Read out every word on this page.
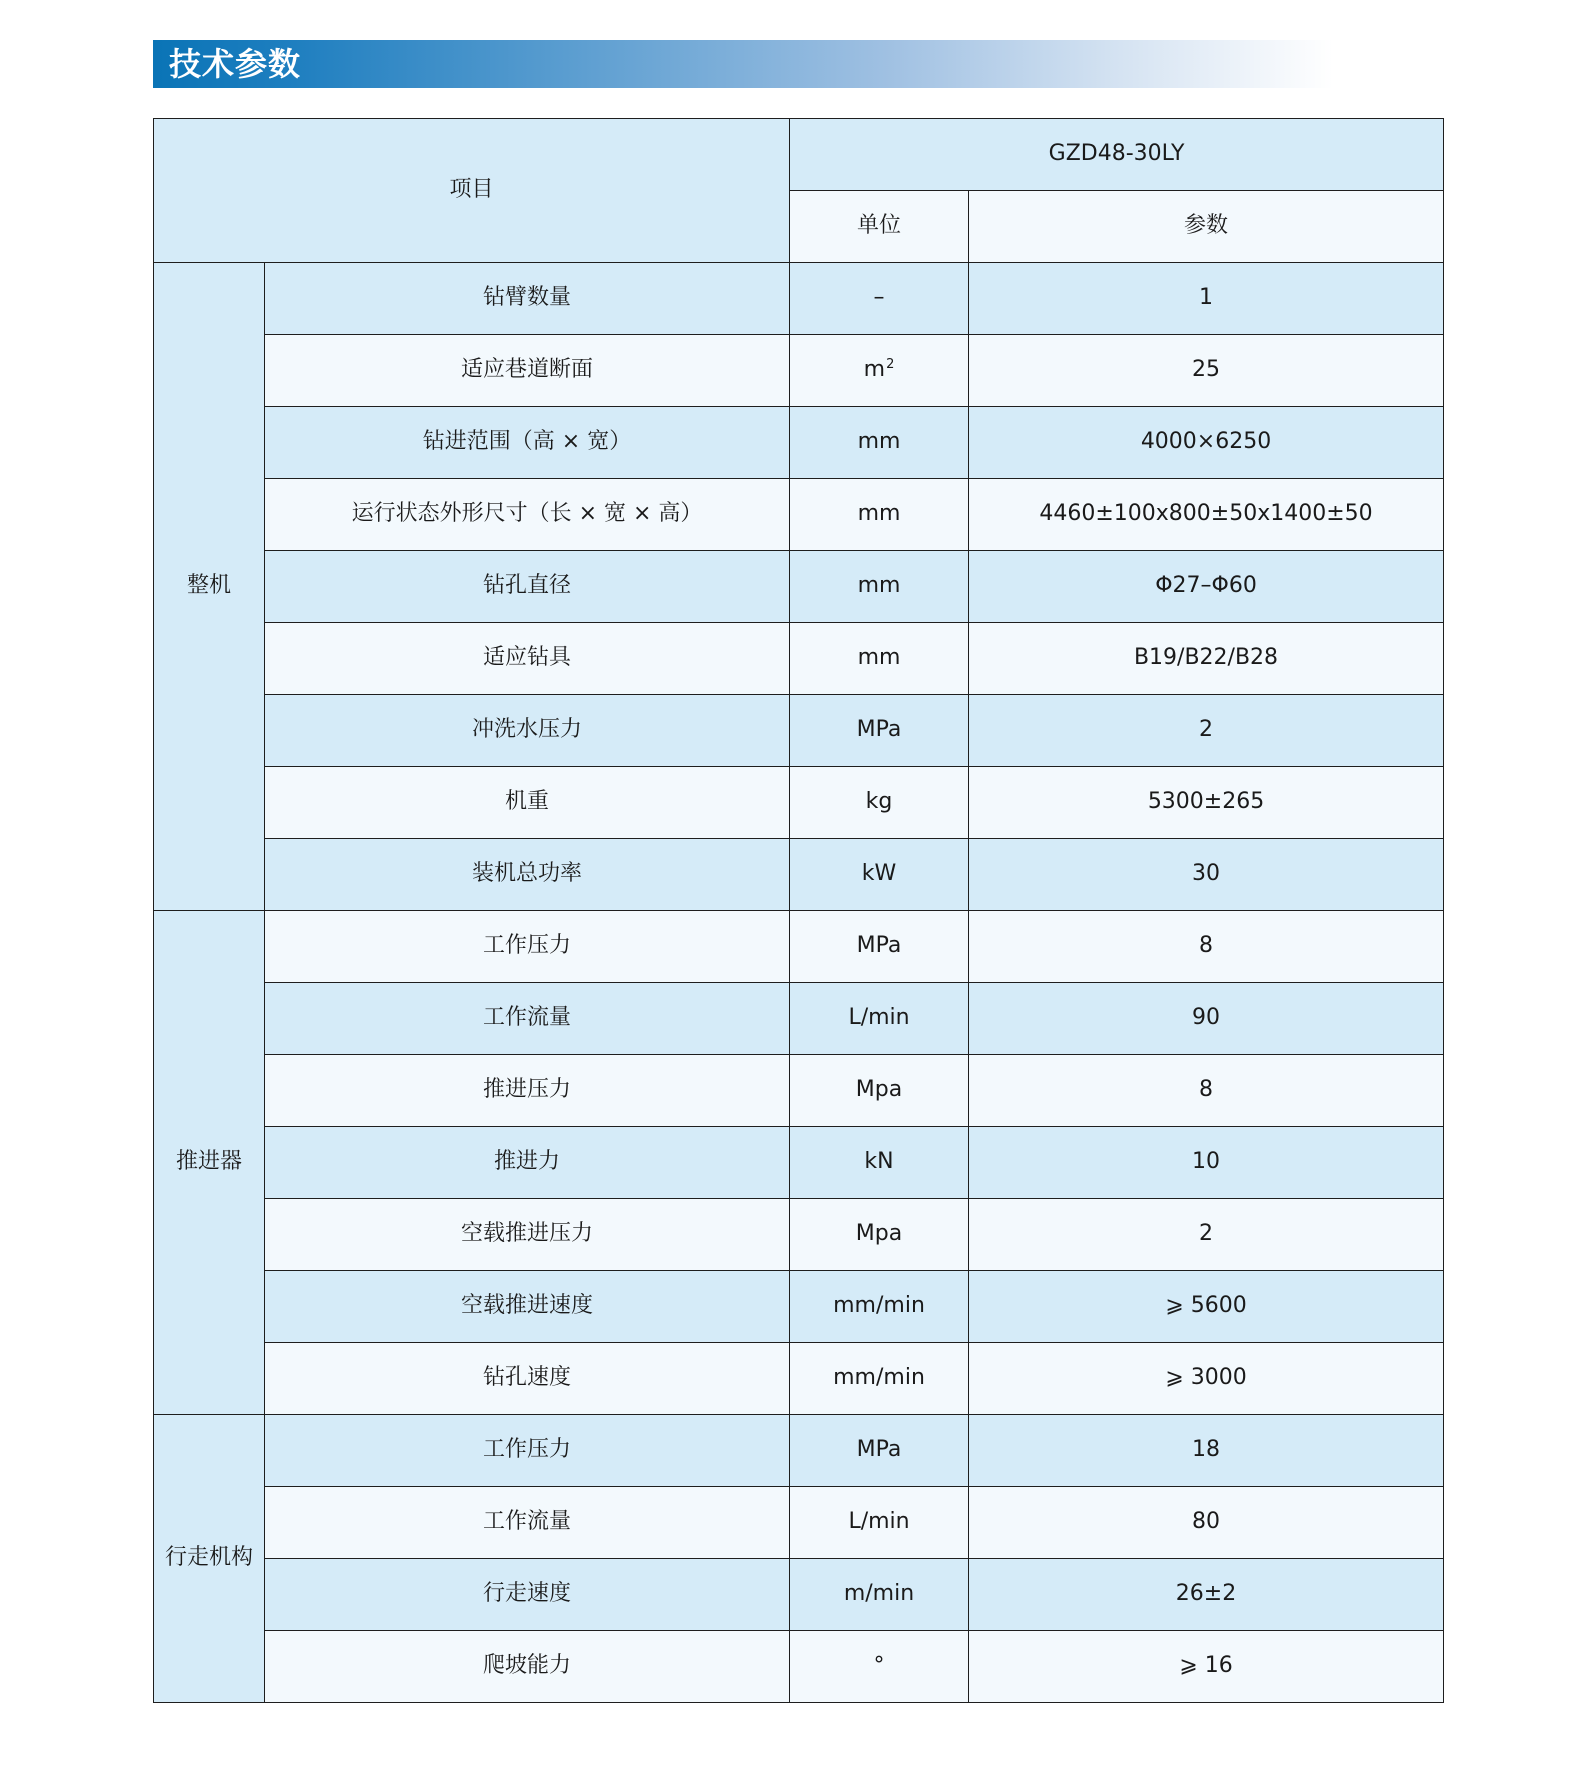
技术参数
项目		GZD48-30LY	
		单位	参数
整机	钻臂数量	–	1
	适应巷道断面	$m^2$	25
	钻进范围（高 × 宽）	mm	4000×6250
	运行状态外形尺寸（长 × 宽 × 高）	mm	4460±100x800±50x1400±50
	钻孔直径	mm	Φ27–Φ60
	适应钻具	mm	B19/B22/B28
	冲洗水压力	MPa	2
	机重	kg	5300±265
	装机总功率	kW	30
推进器	工作压力	MPa	8
	工作流量	L/min	90
	推进压力	Mpa	8
	推进力	kN	10
	空载推进压力	Mpa	2
	空载推进速度	mm/min	⩾ 5600
	钻孔速度	mm/min	⩾ 3000
行走机构	工作压力	MPa	18
	工作流量	L/min	80
	行走速度	m/min	26±2
	爬坡能力	°	⩾ 16
